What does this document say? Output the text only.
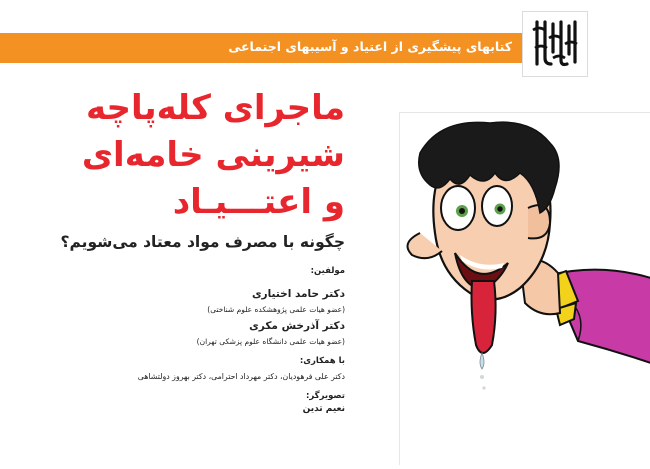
کتابهای پیشگیری از اعتیاد و آسیبهای اجتماعی
ماجرای کله‌پاچه
شیرینی خامه‌ای
و اعتـــیـاد
چگونه با مصرف مواد معتاد می‌شویم؟
مولفین:
دکتر حامد اختیاری
(عضو هیات علمی پژوهشکده علوم شناختی)
دکتر آذرخش مکری
(عضو هیات علمی دانشگاه علوم پزشکی تهران)
با همکاری:
دکتر علی فرهودیان، دکتر مهرداد احترامی، دکتر بهروز دولتشاهی
تصویرگر:
نعیم تدین
